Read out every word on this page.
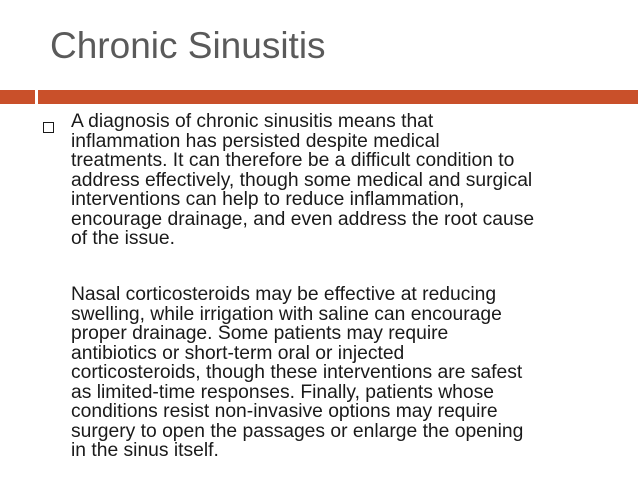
Chronic Sinusitis

A diagnosis of chronic sinusitis means that
inflammation has persisted despite medical
treatments. It can therefore be a difficult condition to
address effectively, though some medical and surgical
interventions can help to reduce inflammation,
encourage drainage, and even address the root cause
of the issue.

Nasal corticosteroids may be effective at reducing
swelling, while irrigation with saline can encourage
proper drainage. Some patients may require
antibiotics or short-term oral or injected
corticosteroids, though these interventions are safest
as limited-time responses. Finally, patients whose
conditions resist non-invasive options may require
surgery to open the passages or enlarge the opening
in the sinus itself.
